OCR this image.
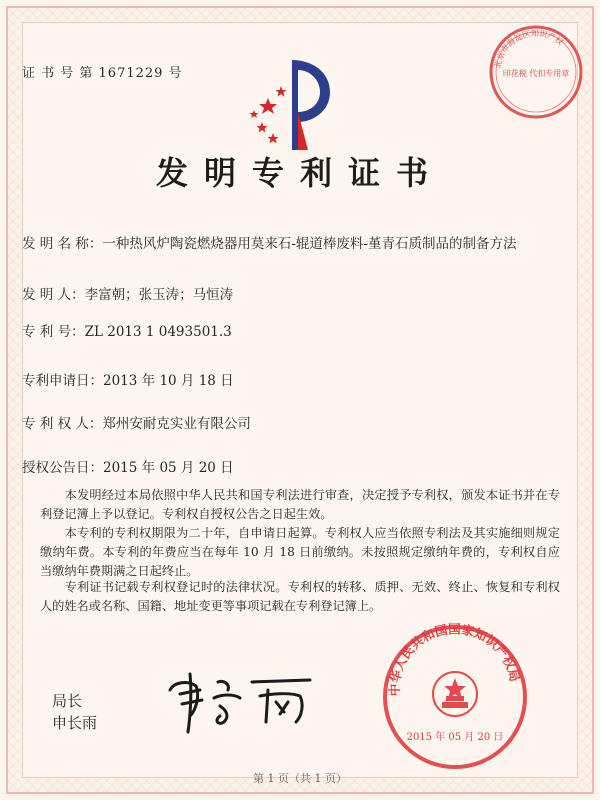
证 书 号 第 1671229 号
发明专利证书
发 明 名 称：一种热风炉陶瓷燃烧器用莫来石-辊道棒废料-堇青石质制品的制备方法
发 明 人：李富朝；张玉涛；马恒涛
专 利 号：ZL 2013 1 0493501.3
专利申请日：2013 年 10 月 18 日
专 利 权 人：郑州安耐克实业有限公司
授权公告日：2015 年 05 月 20 日
  本发明经过本局依照中华人民共和国专利法进行审查，决定授予专利权，颁发本证书并在专利登记簿上予以登记。专利权自授权公告之日起生效。
  本专利的专利权期限为二十年，自申请日起算。专利权人应当依照专利法及其实施细则规定缴纳年费。本专利的年费应当在每年 10 月 18 日前缴纳。未按照规定缴纳年费的，专利权自应当缴纳年费期满之日起终止。
  专利证书记载专利权登记时的法律状况。专利权的转移、质押、无效、终止、恢复和专利权人的姓名或名称、国籍、地址变更等事项记载在专利登记簿上。
北京市海淀区知识产权
印花税 代扣专用章
局长
申长雨
中华人民共和国国家知识产权局
2015 年 05 月 20 日
第 1 页（共 1 页）
